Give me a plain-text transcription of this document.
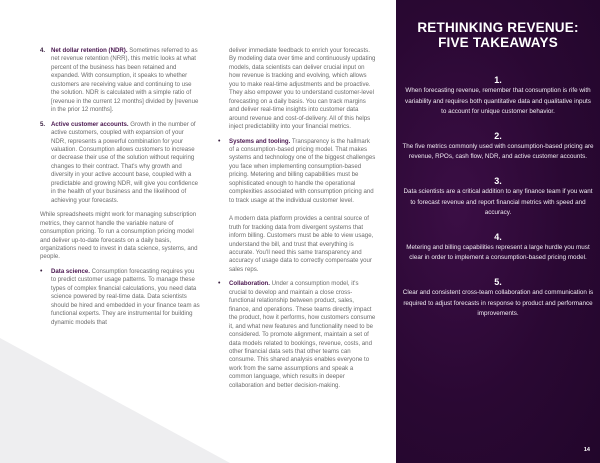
4. Net dollar retention (NDR). Sometimes referred to as net revenue retention (NRR), this metric looks at what percent of the business has been retained and expanded. With consumption, it speaks to whether customers are receiving value and continuing to use the solution. NDR is calculated with a simple ratio of [revenue in the current 12 months] divided by [revenue in the prior 12 months].
5. Active customer accounts. Growth in the number of active customers, coupled with expansion of your NDR, represents a powerful combination for your valuation. Consumption allows customers to increase or decrease their use of the solution without requiring changes to their contract. That's why growth and diversity in your active account base, coupled with a predictable and growing NDR, will give you confidence in the health of your business and the likelihood of achieving your forecasts.

While spreadsheets might work for managing subscription metrics, they cannot handle the variable nature of consumption pricing. To run a consumption pricing model and deliver up-to-date forecasts on a daily basis, organizations need to invest in data science, systems, and people.

•	Data science. Consumption forecasting requires you to predict customer usage patterns. To manage these types of complex financial calculations, you need data science powered by real-time data. Data scientists should be hired and embedded in your finance team as functional experts. They are instrumental for building dynamic models that

deliver immediate feedback to enrich your forecasts. By modeling data over time and continuously updating models, data scientists can deliver crucial input on how revenue is tracking and evolving, which allows you to make real-time adjustments and be proactive. They also empower you to understand customer-level forecasting on a daily basis. You can track margins and deliver real-time insights into customer data around revenue and cost-of-delivery. All of this helps inject predictability into your financial metrics.

•	Systems and tooling. Transparency is the hallmark of a consumption-based pricing model. That makes systems and technology one of the biggest challenges you face when implementing consumption-based pricing. Metering and billing capabilities must be sophisticated enough to handle the operational complexities associated with consumption pricing and to track usage at the individual customer level.

A modern data platform provides a central source of truth for tracking data from divergent systems that inform billing. Customers must be able to view usage, understand the bill, and trust that everything is accurate. You'll need this same transparency and accuracy of usage data to correctly compensate your sales reps.

•	Collaboration. Under a consumption model, it's crucial to develop and maintain a close cross-functional relationship between product, sales, finance, and operations. These teams directly impact the product, how it performs, how customers consume it, and what new features and functionality need to be considered. To promote alignment, maintain a set of data models related to bookings, revenue, costs, and other financial data sets that other teams can consume. This shared analysis enables everyone to work from the same assumptions and speak a common language, which results in deeper collaboration and better decision-making.
RETHINKING REVENUE:
FIVE TAKEAWAYS
1.
When forecasting revenue, remember that consumption is rife with variability and requires both quantitative data and qualitative inputs to account for unique customer behavior.
2.
The five metrics commonly used with consumption-based pricing are revenue, RPOs, cash flow, NDR, and active customer accounts.
3.
Data scientists are a critical addition to any finance team if you want to forecast revenue and report financial metrics with speed and accuracy.
4.
Metering and billing capabilities represent a large hurdle you must clear in order to implement a consumption-based pricing model.
5.
Clear and consistent cross-team collaboration and communication is required to adjust forecasts in response to product and performance improvements.
14
